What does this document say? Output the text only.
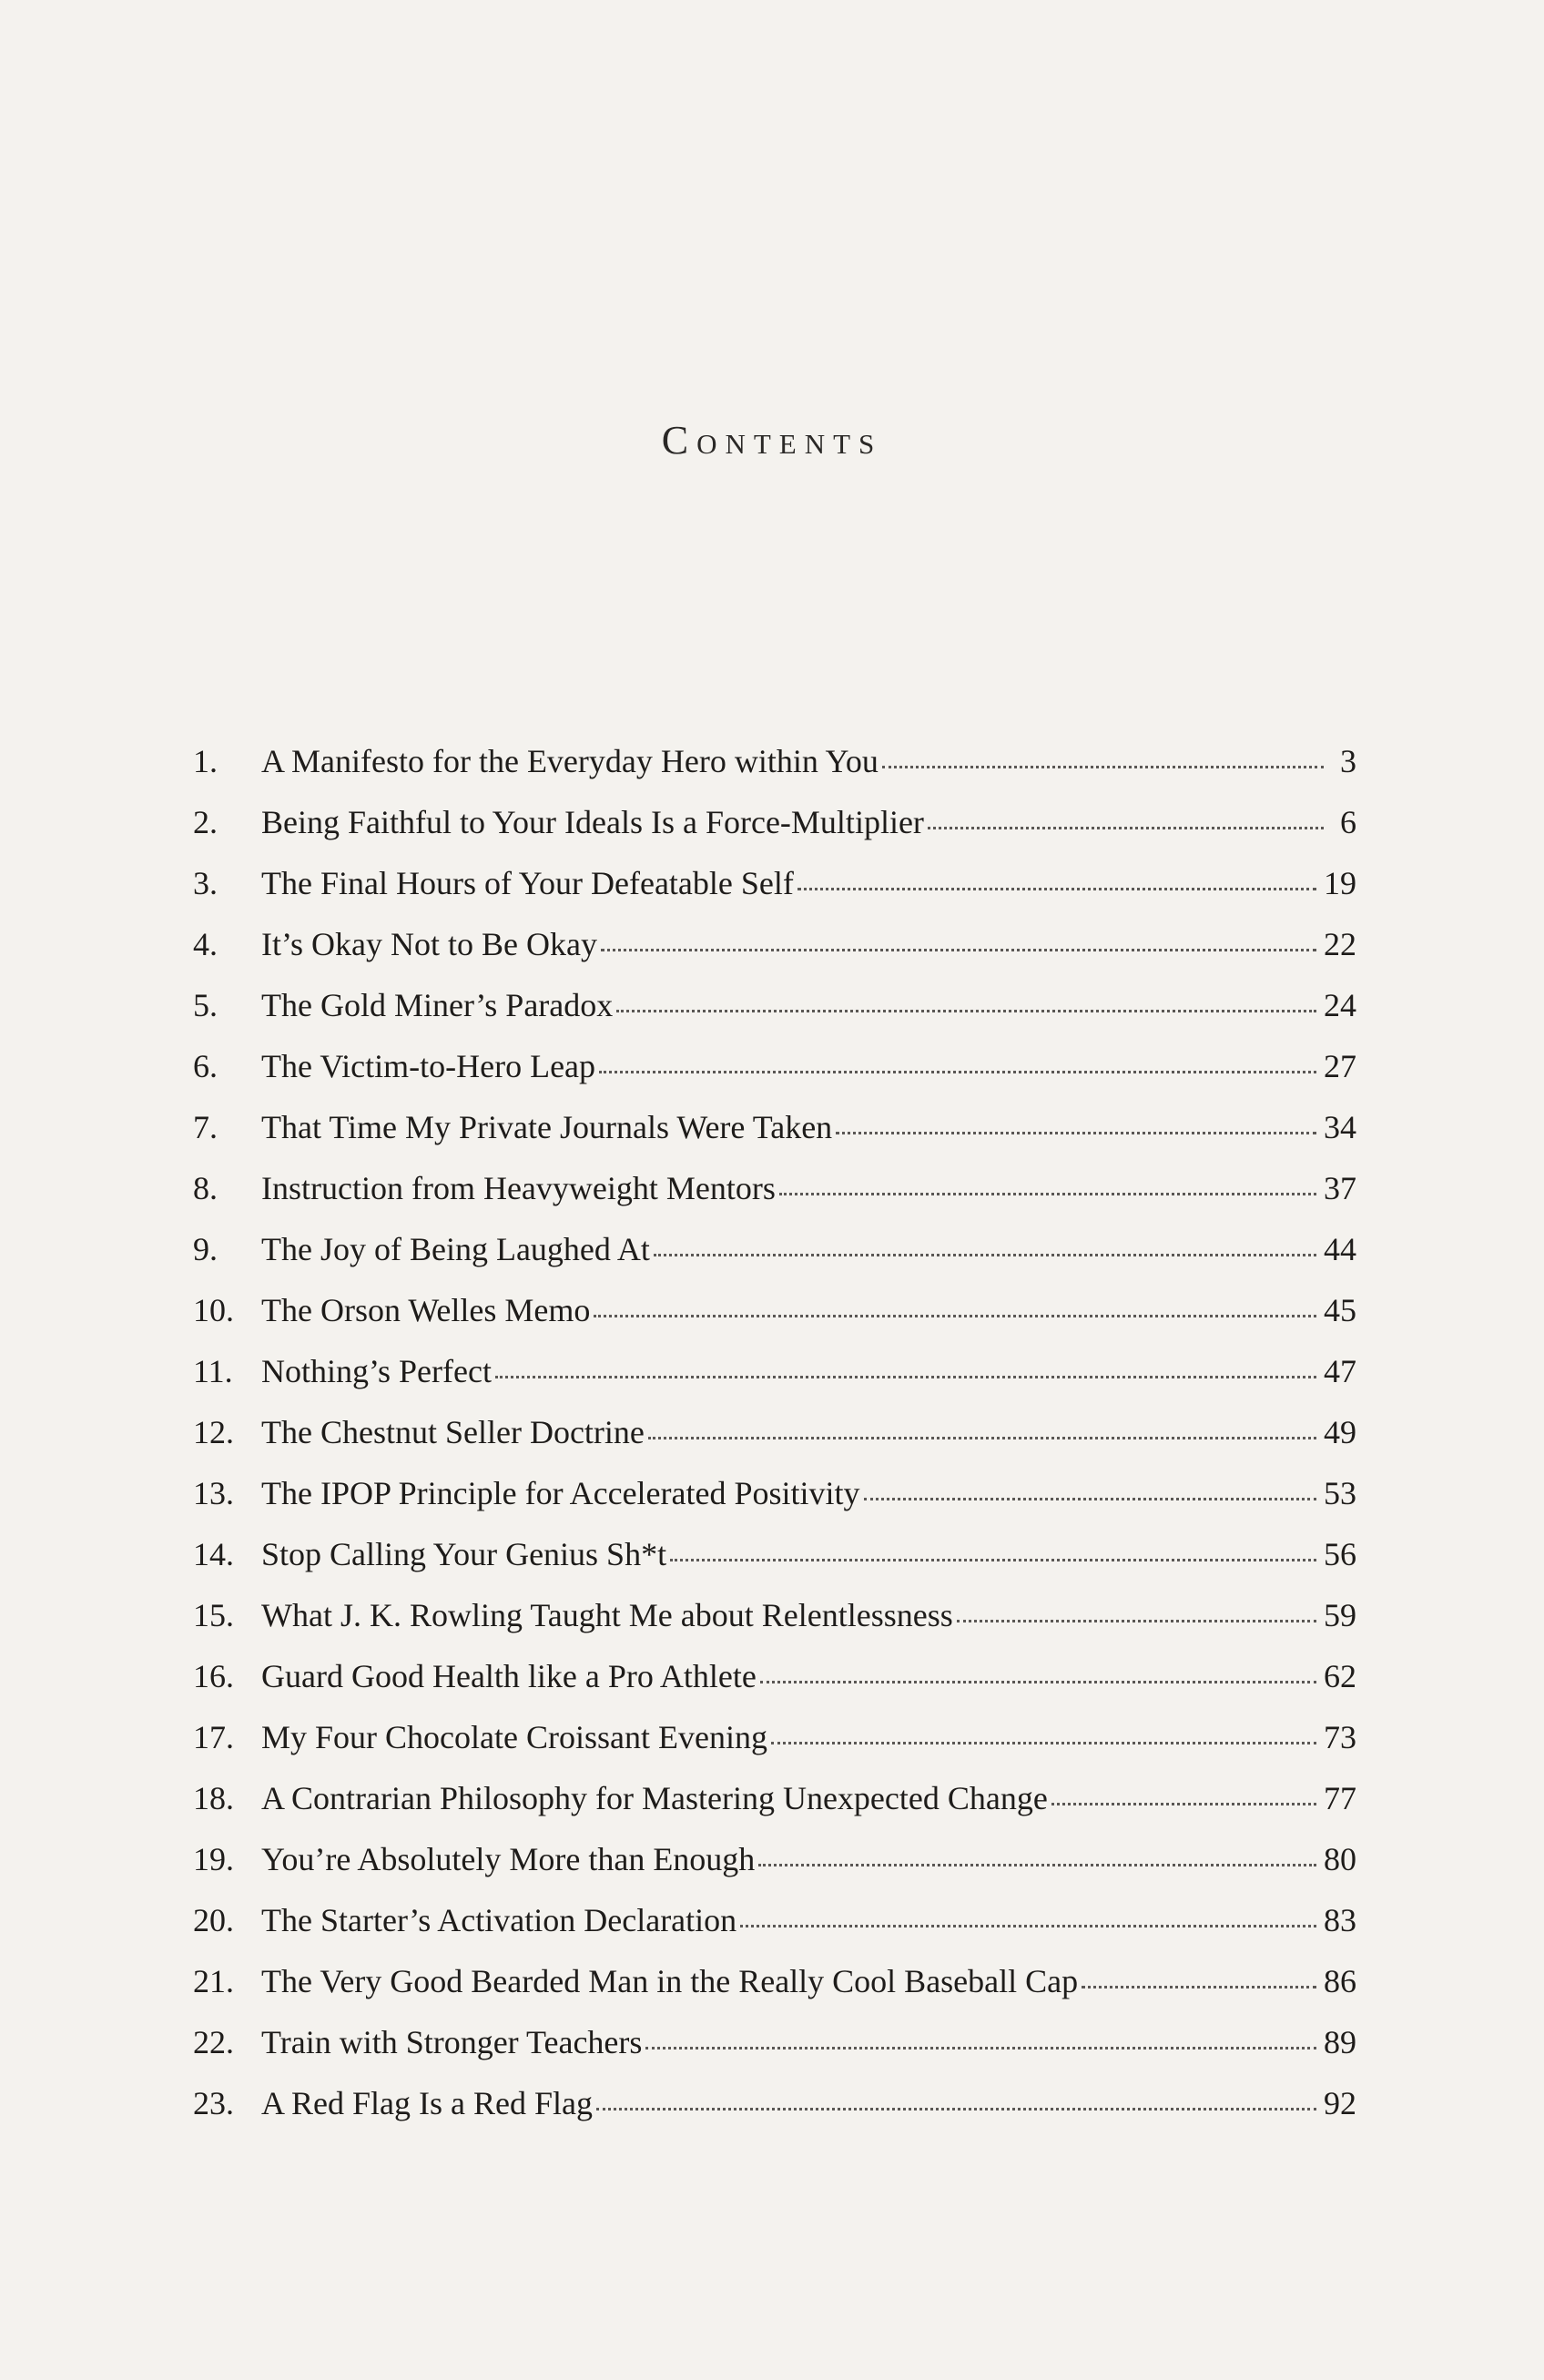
Contents
1.	A Manifesto for the Everyday Hero within You	3
2.	Being Faithful to Your Ideals Is a Force-Multiplier	6
3.	The Final Hours of Your Defeatable Self	19
4.	It’s Okay Not to Be Okay	22
5.	The Gold Miner’s Paradox	24
6.	The Victim-to-Hero Leap	27
7.	That Time My Private Journals Were Taken	34
8.	Instruction from Heavyweight Mentors	37
9.	The Joy of Being Laughed At	44
10. The Orson Welles Memo	45
11. Nothing’s Perfect	47
12. The Chestnut Seller Doctrine	49
13. The IPOP Principle for Accelerated Positivity	53
14. Stop Calling Your Genius Sh*t	56
15. What J. K. Rowling Taught Me about Relentlessness	59
16. Guard Good Health like a Pro Athlete	62
17. My Four Chocolate Croissant Evening	73
18. A Contrarian Philosophy for Mastering Unexpected Change	77
19. You’re Absolutely More than Enough	80
20. The Starter’s Activation Declaration	83
21. The Very Good Bearded Man in the Really Cool Baseball Cap	86
22. Train with Stronger Teachers	89
23. A Red Flag Is a Red Flag	92
